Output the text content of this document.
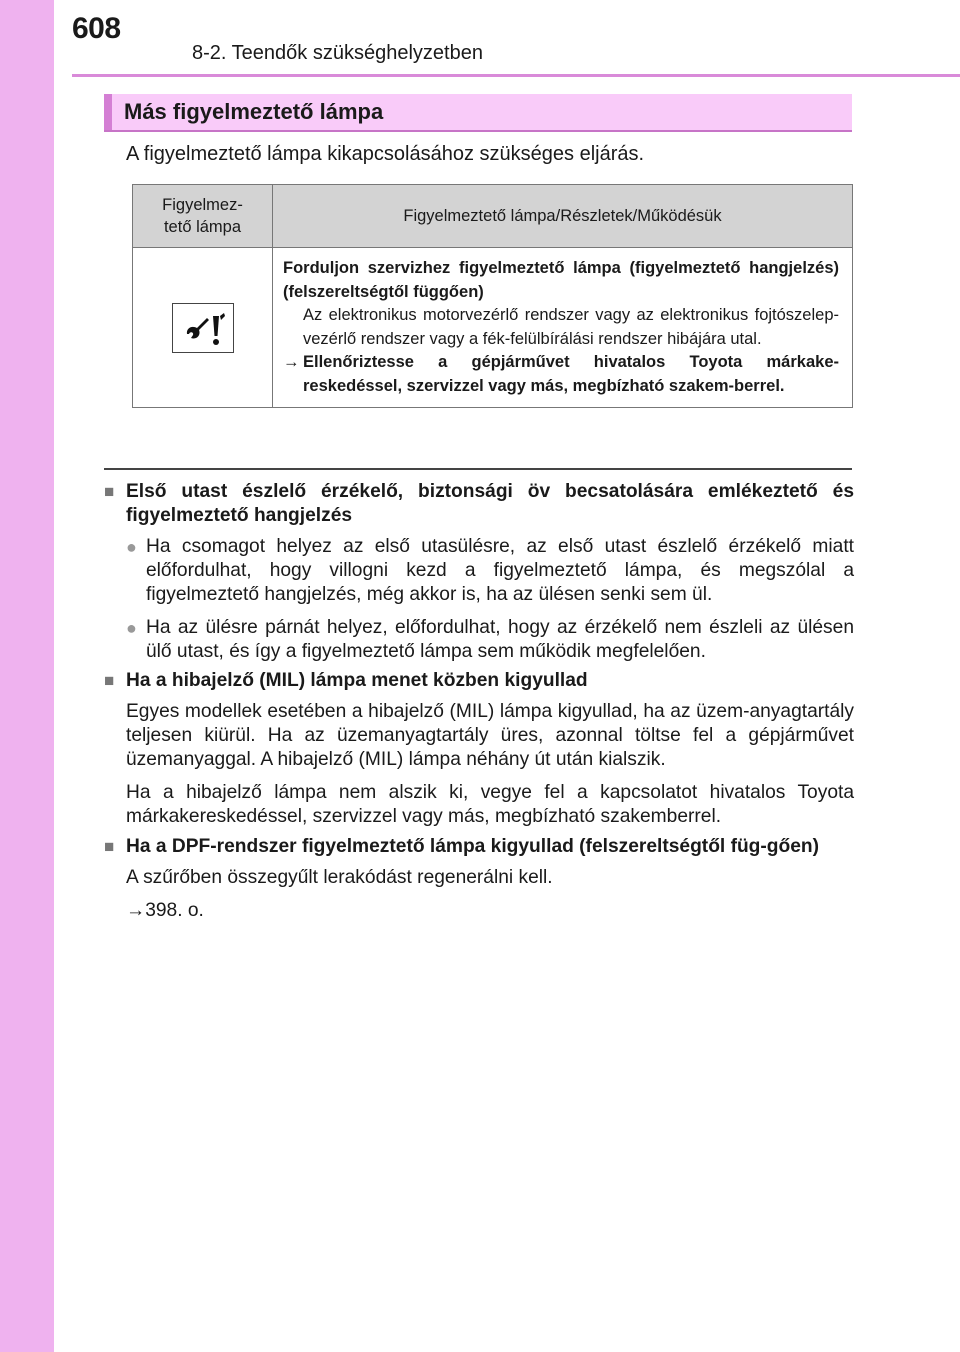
608
8-2. Teendők szükséghelyzetben
Más figyelmeztető lámpa
A figyelmeztető lámpa kikapcsolásához szükséges eljárás.
Figyelmez-
tető lámpa	Figyelmeztető lámpa/Részletek/Működésük

Forduljon szervizhez figyelmeztető lámpa (figyelmeztető hangjelzés) (felszereltségtől függően)
Az elektronikus motorvezérlő rendszer vagy az elektronikus fojtószelep-vezérlő rendszer vagy a fék-felülbírálási rendszer hibájára utal.
→ Ellenőriztesse a gépjárművet hivatalos Toyota márkake-reskedéssel, szervizzel vagy más, megbízható szakem-berrel.
■ Első utast észlelő érzékelő, biztonsági öv becsatolására emlékeztető és figyelmeztető hangjelzés
● Ha csomagot helyez az első utasülésre, az első utast észlelő érzékelő miatt előfordulhat, hogy villogni kezd a figyelmeztető lámpa, és megszólal a figyelmeztető hangjelzés, még akkor is, ha az ülésen senki sem ül.
● Ha az ülésre párnát helyez, előfordulhat, hogy az érzékelő nem észleli az ülésen ülő utast, és így a figyelmeztető lámpa sem működik megfelelően.
■ Ha a hibajelző (MIL) lámpa menet közben kigyullad
Egyes modellek esetében a hibajelző (MIL) lámpa kigyullad, ha az üzem-anyagtartály teljesen kiürül. Ha az üzemanyagtartály üres, azonnal töltse fel a gépjárművet üzemanyaggal. A hibajelző (MIL) lámpa néhány út után kialszik.
Ha a hibajelző lámpa nem alszik ki, vegye fel a kapcsolatot hivatalos Toyota márkakereskedéssel, szervizzel vagy más, megbízható szakemberrel.
■ Ha a DPF-rendszer figyelmeztető lámpa kigyullad (felszereltségtől füg-gően)
A szűrőben összegyűlt lerakódást regenerálni kell.
→398. o.
